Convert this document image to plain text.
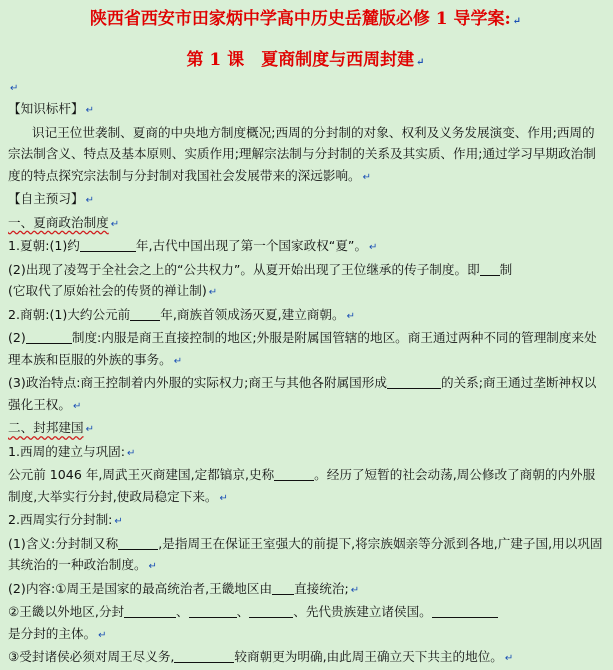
陕西省西安市田家炳中学高中历史岳麓版必修 1 导学案: ↵
第 1 课　夏商制度与西周封建 ↵
↵
【知识标杆】 ↵
识记王位世袭制、夏商的中央地方制度概况;西周的分封制的对象、权利及义务发展演变、作用;西周的宗法制含义、特点及基本原则、实质作用;理解宗法制与分封制的关系及其实质、作用;通过学习早期政治制度的特点探究宗法制与分封制对我国社会发展带来的深远影响。 ↵
【自主预习】 ↵
一、夏商政治制度 ↵
1.夏朝:(1)约	年,古代中国出现了第一个国家政权“夏”。 ↵
(2)出现了凌驾于全社会之上的“公共权力”。从夏开始出现了王位继承的传子制度。即 制
(它取代了原始社会的传贤的禅让制) ↵
2.商朝:(1)大约公元前 年,商族首领成汤灭夏,建立商朝。 ↵
(2)	制度:内服是商王直接控制的地区;外服是附属国管辖的地区。商王通过两种不同的管理制度来处理本族和臣服的外族的事务。 ↵
(3)政治特点:商王控制着内外服的实际权力;商王与其他各附属国形成	的关系;商王通过垄断神权以强化王权。 ↵
二、封邦建国 ↵
1.西周的建立与巩固: ↵
公元前 1046 年,周武王灭商建国,定都镐京,史称	。经历了短暂的社会动荡,周公修改了商朝的内外服制度,大举实行分封,使政局稳定下来。 ↵
2.西周实行分封制: ↵
(1)含义:分封制又称	,是指周王在保证王室强大的前提下,将宗族姻亲等分派到各地,广建子国,用以巩固其统治的一种政治制度。 ↵
(2)内容:①周王是国家的最高统治者,王畿地区由 直接统治; ↵
②王畿以外地区,分封	、	、	、先代贵族建立诸侯国。
是分封的主体。 ↵
③受封诸侯必须对周王尽义务,	较商朝更为明确,由此周王确立天下共主的地位。 ↵
